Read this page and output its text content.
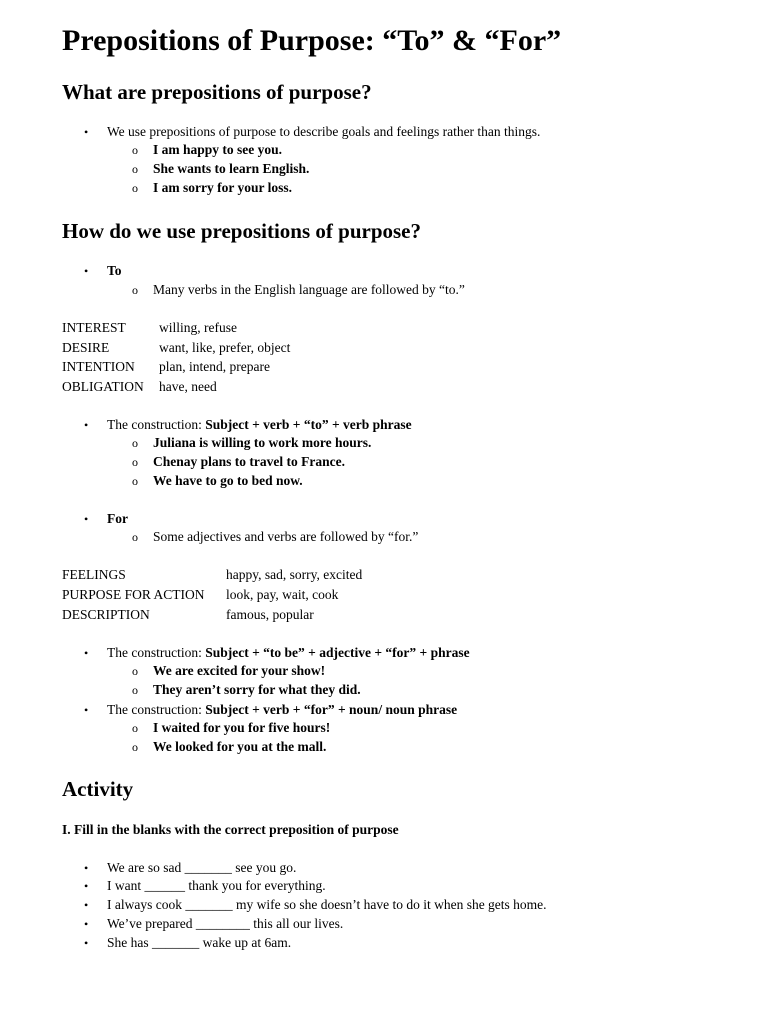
Prepositions of Purpose: “To” & “For”
What are prepositions of purpose?
• We use prepositions of purpose to describe goals and feelings rather than things.
o I am happy to see you.
o She wants to learn English.
o I am sorry for your loss.
How do we use prepositions of purpose?
• To
o Many verbs in the English language are followed by “to.”
INTEREST willing, refuse
DESIRE	want, like, prefer, object
INTENTION plan, intend, prepare
OBLIGATION have, need
• The construction: Subject + verb + “to” + verb phrase
o Juliana is willing to work more hours.
o Chenay plans to travel to France.
o We have to go to bed now.
• For
o Some adjectives and verbs are followed by “for.”
FEELINGS	happy, sad, sorry, excited
PURPOSE FOR ACTION look, pay, wait, cook
DESCRIPTION	famous, popular
• The construction: Subject + “to be” + adjective + “for” + phrase
o We are excited for your show!
o They aren’t sorry for what they did.
• The construction: Subject + verb + “for” + noun/ noun phrase
o I waited for you for five hours!
o We looked for you at the mall.
Activity
I. Fill in the blanks with the correct preposition of purpose
• We are so sad _______ see you go.
• I want ______ thank you for everything.
• I always cook _______ my wife so she doesn’t have to do it when she gets home.
• We’ve prepared ________ this all our lives.
• She has _______ wake up at 6am.
